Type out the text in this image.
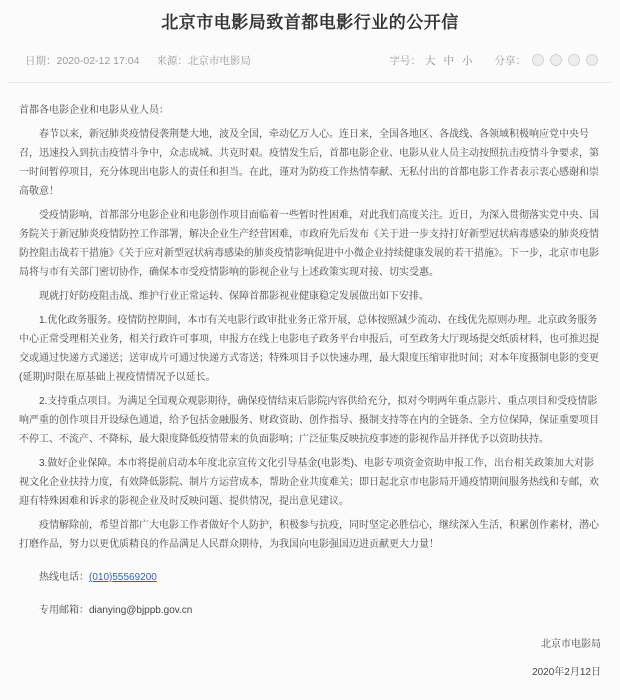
北京市电影局致首都电影行业的公开信
日期：2020-02-12 17:04 来源：北京市电影局	字号： 大 中 小	分享：

首都各电影企业和电影从业人员：

春节以来，新冠肺炎疫情侵袭荆楚大地，波及全国，牵动亿万人心。连日来，全国各地区、各战线、各领域积极响应党中央号召，迅速投入到抗击疫情斗争中，众志成城、共克时艰。疫情发生后，首都电影企业、电影从业人员主动按照抗击疫情斗争要求，第一时间暂停项目，充分体现出电影人的责任和担当。在此，谨对为防疫工作热情奉献、无私付出的首都电影工作者表示衷心感谢和崇高敬意！

受疫情影响，首都部分电影企业和电影创作项目面临着一些暂时性困难，对此我们高度关注。近日，为深入贯彻落实党中央、国务院关于新冠肺炎疫情防控工作部署，解决企业生产经营困难，市政府先后发布《关于进一步支持打好新型冠状病毒感染的肺炎疫情防控阻击战若干措施》《关于应对新型冠状病毒感染的肺炎疫情影响促进中小微企业持续健康发展的若干措施》。下一步，北京市电影局将与市有关部门密切协作，确保本市受疫情影响的影视企业与上述政策实现对接、切实受惠。

现就打好防疫阻击战、维护行业正常运转、保障首都影视业健康稳定发展做出如下安排。

1.优化政务服务。疫情防控期间，本市有关电影行政审批业务正常开展，总体按照减少流动、在线优先原则办理。北京政务服务中心正常受理相关业务，相关行政许可事项，申报方在线上电影电子政务平台申报后，可至政务大厅现场提交纸质材料，也可推迟提交或通过快递方式递送；送审成片可通过快递方式寄送；特殊项目予以快速办理，最大限度压缩审批时间；对本年度摄制电影的变更(延期)时限在原基础上视疫情情况予以延长。

2.支持重点项目。为满足全国观众观影期待，确保疫情结束后影院内容供给充分，拟对今明两年重点影片、重点项目和受疫情影响严重的创作项目开设绿色通道，给予包括金融服务、财政资助、创作指导、摄制支持等在内的全链条、全方位保障，保证重要项目不停工、不流产、不降标，最大限度降低疫情带来的负面影响；广泛征集反映抗疫事迹的影视作品并择优予以资助扶持。

3.做好企业保障。本市将提前启动本年度北京宣传文化引导基金(电影类)、电影专项资金资助申报工作，出台相关政策加大对影视文化企业扶持力度，有效降低影院、制片方运营成本，帮助企业共度难关；即日起北京市电影局开通疫情期间服务热线和专邮，欢迎有特殊困难和诉求的影视企业及时反映问题、提供情况，提出意见建议。

疫情解除前，希望首都广大电影工作者做好个人防护，积极参与抗疫，同时坚定必胜信心，继续深入生活，积累创作素材，潜心打磨作品，努力以更优质精良的作品满足人民群众期待，为我国向电影强国迈进贡献更大力量！

热线电话：(010)55569200

专用邮箱：dianying@bjppb.gov.cn

北京市电影局

2020年2月12日
